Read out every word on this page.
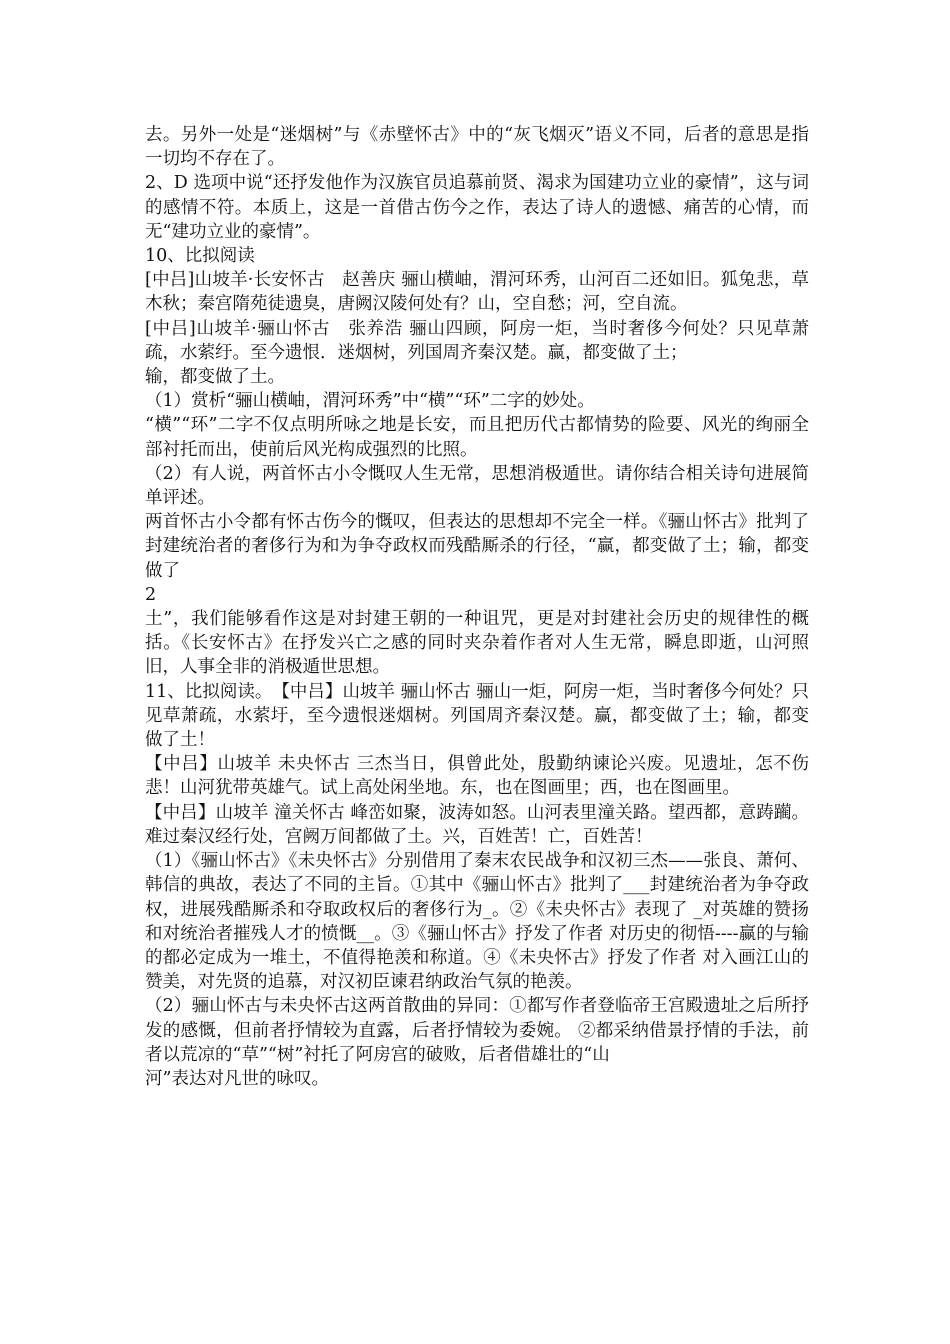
去。另外一处是“迷烟树”与《赤壁怀古》中的“灰飞烟灭”语义不同，后者的意思是指一切均不存在了。

2、D 选项中说“还抒发他作为汉族官员追慕前贤、渴求为国建功立业的豪情”，这与词的感情不符。本质上，这是一首借古伤今之作，表达了诗人的遗憾、痛苦的心情，而无“建功立业的豪情”。

10、比拟阅读

[中吕]山坡羊·长安怀古　赵善庆 骊山横岫，渭河环秀，山河百二还如旧。狐兔悲，草木秋；秦宫隋苑徒遗臭，唐阙汉陵何处有？山，空自愁；河，空自流。

[中吕]山坡羊·骊山怀古　张养浩 骊山四顾，阿房一炬，当时奢侈今何处？只见草萧疏，水萦纡。至今遗恨．迷烟树，列国周齐秦汉楚。赢，都变做了土；

输，都变做了土。

（1）赏析“骊山横岫，渭河环秀”中“横”“环”二字的妙处。

“横”“环”二字不仅点明所咏之地是长安，而且把历代古都情势的险要、风光的绚丽全部衬托而出，使前后风光构成强烈的比照。

（2）有人说，两首怀古小令慨叹人生无常，思想消极遁世。请你结合相关诗句进展简单评述。

两首怀古小令都有怀古伤今的慨叹，但表达的思想却不完全一样。《骊山怀古》批判了封建统治者的奢侈行为和为争夺政权而残酷厮杀的行径，“赢，都变做了土；输，都变做了

2

土”，我们能够看作这是对封建王朝的一种诅咒，更是对封建社会历史的规律性的概括。《长安怀古》在抒发兴亡之感的同时夹杂着作者对人生无常，瞬息即逝，山河照旧，人事全非的消极遁世思想。

11、比拟阅读。　【中吕】山坡羊 骊山怀古 骊山一炬，阿房一炬，当时奢侈今何处？只见草萧疏，水萦圩，至今遗恨迷烟树。列国周齐秦汉楚。赢，都变做了土；输，都变做了土！

【中吕】山坡羊 未央怀古 三杰当日，俱曾此处，殷勤纳谏论兴废。见遗址，怎不伤悲！山河犹带英雄气。试上高处闲坐地。东，也在图画里；西，也在图画里。

【中吕】山坡羊 潼关怀古 峰峦如聚，波涛如怒。山河表里潼关路。望西都，意踌躏。难过秦汉经行处，宫阙万间都做了土。兴，百姓苦！亡，百姓苦！

（1）《骊山怀古》《未央怀古》分别借用了秦末农民战争和汉初三杰——张良、萧何、韩信的典故，表达了不同的主旨。①其中《骊山怀古》批判了___封建统治者为争夺政权，进展残酷厮杀和夺取政权后的奢侈行为_。②《未央怀古》表现了 _对英雄的赞扬和对统治者摧残人才的愤慨__。③《骊山怀古》抒发了作者 对历史的彻悟----赢的与输的都必定成为一堆土，不值得艳羡和称道。④《未央怀古》抒发了作者 对入画江山的赞美，对先贤的追慕，对汉初臣谏君纳政治气氛的艳羡。

（2）骊山怀古与未央怀古这两首散曲的异同：①都写作者登临帝王宫殿遗址之后所抒发的感慨，但前者抒情较为直露，后者抒情较为委婉。 ②都采纳借景抒情的手法，前者以荒凉的“草”“树”衬托了阿房宫的破败，后者借雄壮的“山

河”表达对凡世的咏叹。
